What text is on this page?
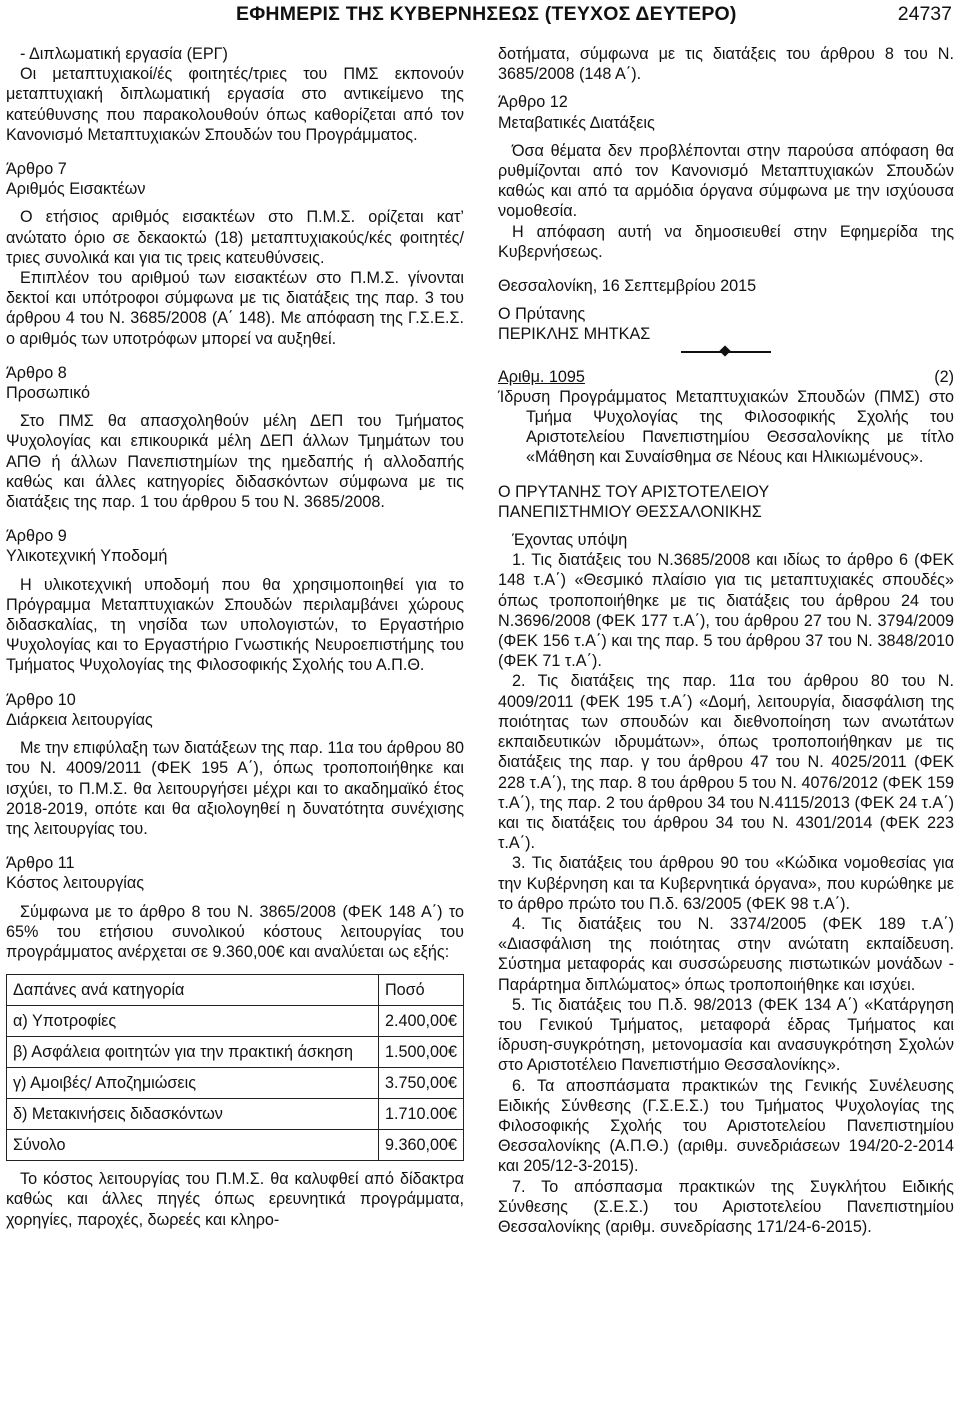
ΕΦΗΜΕΡΙΣ ΤΗΣ ΚΥΒΕΡΝΗΣΕΩΣ (ΤΕΥΧΟΣ ΔΕΥΤΕΡΟ)	24737

‑ Διπλωματική εργασία (ΕΡΓ)

Οι μεταπτυχιακοί/ές φοιτητές/τριες του ΠΜΣ εκπονούν μεταπτυχιακή διπλωματική εργασία στο αντικείμενο της κατεύθυνσης που παρακολουθούν όπως καθορίζεται από τον Κανονισμό Μεταπτυχιακών Σπουδών του Προγράμματος.

Άρθρο 7

Αριθμός Εισακτέων

Ο ετήσιος αριθμός εισακτέων στο Π.Μ.Σ. ορίζεται κατ’ ανώτατο όριο σε δεκαοκτώ (18) μεταπτυχιακούς/κές φοιτητές/τριες συνολικά και για τις τρεις κατευθύνσεις.

Επιπλέον του αριθμού των εισακτέων στο Π.Μ.Σ. γίνονται δεκτοί και υπότροφοι σύμφωνα με τις διατάξεις της παρ. 3 του άρθρου 4 του Ν. 3685/2008 (Α΄ 148). Με απόφαση της Γ.Σ.Ε.Σ. ο αριθμός των υποτρόφων μπορεί να αυξηθεί.

Άρθρο 8

Προσωπικό

Στο ΠΜΣ θα απασχοληθούν μέλη ΔΕΠ του Τμήματος Ψυχολογίας και επικουρικά μέλη ΔΕΠ άλλων Τμημάτων του ΑΠΘ ή άλλων Πανεπιστημίων της ημεδαπής ή αλλοδαπής καθώς και άλλες κατηγορίες διδασκόντων σύμφωνα με τις διατάξεις της παρ. 1 του άρθρου 5 του Ν. 3685/2008.

Άρθρο 9

Υλικοτεχνική Υποδομή

Η υλικοτεχνική υποδομή που θα χρησιμοποιηθεί για το Πρόγραμμα Μεταπτυχιακών Σπουδών περιλαμβάνει χώρους διδασκαλίας, τη νησίδα των υπολογιστών, το Εργαστήριο Ψυχολογίας και το Εργαστήριο Γνωστικής Νευροεπιστήμης του Τμήματος Ψυχολογίας της Φιλοσοφικής Σχολής του Α.Π.Θ.

Άρθρο 10

Διάρκεια λειτουργίας

Με την επιφύλαξη των διατάξεων της παρ. 11α του άρθρου 80 του Ν. 4009/2011 (ΦΕΚ 195 Α΄), όπως τροποποιήθηκε και ισχύει, το Π.Μ.Σ. θα λειτουργήσει μέχρι και το ακαδημαϊκό έτος 2018‑2019, οπότε και θα αξιολογηθεί η δυνατότητα συνέχισης της λειτουργίας του.

Άρθρο 11

Κόστος λειτουργίας

Σύμφωνα με το άρθρο 8 του Ν. 3865/2008 (ΦΕΚ 148 Α΄) το 65% του ετήσιου συνολικού κόστους λειτουργίας του προγράμματος ανέρχεται σε 9.360,00€ και αναλύεται ως εξής:

Δαπάνες ανά κατηγορία	Ποσό
α) Υποτροφίες	2.400,00€
β) Ασφάλεια φοιτητών για την πρακτική άσκηση	1.500,00€
γ) Αμοιβές/ Αποζημιώσεις	3.750,00€
δ) Μετακινήσεις διδασκόντων	1.710.00€
Σύνολο	9.360,00€

Το κόστος λειτουργίας του Π.Μ.Σ. θα καλυφθεί από δίδακτρα καθώς και άλλες πηγές όπως ερευνητικά προγράμματα, χορηγίες, παροχές, δωρεές και κληρο‑

δοτήματα, σύμφωνα με τις διατάξεις του άρθρου 8 του Ν. 3685/2008 (148 Α΄).

Άρθρο 12

Μεταβατικές Διατάξεις

Όσα θέματα δεν προβλέπονται στην παρούσα απόφαση θα ρυθμίζονται από τον Κανονισμό Μεταπτυχιακών Σπουδών καθώς και από τα αρμόδια όργανα σύμφωνα με την ισχύουσα νομοθεσία.

Η απόφαση αυτή να δημοσιευθεί στην Εφημερίδα της Κυβερνήσεως.

Θεσσαλονίκη, 16 Σεπτεμβρίου 2015

Ο Πρύτανης

ΠΕΡΙΚΛΗΣ ΜΗΤΚΑΣ

Αριθμ. 1095	(2)

Ίδρυση Προγράμματος Μεταπτυχιακών Σπουδών (ΠΜΣ) στο Τμήμα Ψυχολογίας της Φιλοσοφικής Σχολής του Αριστοτελείου Πανεπιστημίου Θεσσαλονίκης με τίτλο «Μάθηση και Συναίσθημα σε Νέους και Ηλικιωμένους».

Ο ΠΡΥΤΑΝΗΣ ΤΟΥ ΑΡΙΣΤΟΤΕΛΕΙΟΥ

ΠΑΝΕΠΙΣΤΗΜΙΟΥ ΘΕΣΣΑΛΟΝΙΚΗΣ

Έχοντας υπόψη

1. Τις διατάξεις του Ν.3685/2008 και ιδίως το άρθρο 6 (ΦΕΚ 148 τ.Α΄) «Θεσμικό πλαίσιο για τις μεταπτυχιακές σπουδές» όπως τροποποιήθηκε με τις διατάξεις του άρθρου 24 του Ν.3696/2008 (ΦΕΚ 177 τ.Α΄), του άρθρου 27 του Ν. 3794/2009 (ΦΕΚ 156 τ.Α΄) και της παρ. 5 του άρθρου 37 του Ν. 3848/2010 (ΦΕΚ 71 τ.Α΄).

2. Τις διατάξεις της παρ. 11α του άρθρου 80 του Ν. 4009/2011 (ΦΕΚ 195 τ.Α΄) «Δομή, λειτουργία, διασφάλιση της ποιότητας των σπουδών και διεθνοποίηση των ανωτάτων εκπαιδευτικών ιδρυμάτων», όπως τροποποιήθηκαν με τις διατάξεις της παρ. γ του άρθρου 47 του Ν. 4025/2011 (ΦΕΚ 228 τ.Α΄), της παρ. 8 του άρθρου 5 του Ν. 4076/2012 (ΦΕΚ 159 τ.Α΄), της παρ. 2 του άρθρου 34 του Ν.4115/2013 (ΦΕΚ 24 τ.Α΄) και τις διατάξεις του άρθρου 34 του Ν. 4301/2014 (ΦΕΚ 223 τ.Α΄).

3. Τις διατάξεις του άρθρου 90 του «Κώδικα νομοθεσίας για την Κυβέρνηση και τα Κυβερνητικά όργανα», που κυρώθηκε με το άρθρο πρώτο του Π.δ. 63/2005 (ΦΕΚ 98 τ.Α΄).

4. Τις διατάξεις του Ν. 3374/2005 (ΦΕΚ 189 τ.Α΄) «Διασφάλιση της ποιότητας στην ανώτατη εκπαίδευση. Σύστημα μεταφοράς και συσσώρευσης πιστωτικών μονάδων ‑ Παράρτημα διπλώματος» όπως τροποποιήθηκε και ισχύει.

5. Τις διατάξεις του Π.δ. 98/2013 (ΦΕΚ 134 Α΄) «Κατάργηση του Γενικού Τμήματος, μεταφορά έδρας Τμήματος και ίδρυση‑συγκρότηση, μετονομασία και ανασυγκρότηση Σχολών στο Αριστοτέλειο Πανεπιστήμιο Θεσσαλονίκης».

6. Τα αποσπάσματα πρακτικών της Γενικής Συνέλευσης Ειδικής Σύνθεσης (Γ.Σ.Ε.Σ.) του Τμήματος Ψυχολογίας της Φιλοσοφικής Σχολής του Αριστοτελείου Πανεπιστημίου Θεσσαλονίκης (Α.Π.Θ.) (αριθμ. συνεδριάσεων 194/20‑2‑2014 και 205/12‑3‑2015).

7. Το απόσπασμα πρακτικών της Συγκλήτου Ειδικής Σύνθεσης (Σ.Ε.Σ.) του Αριστοτελείου Πανεπιστημίου Θεσσαλονίκης (αριθμ. συνεδρίασης 171/24‑6‑2015).
